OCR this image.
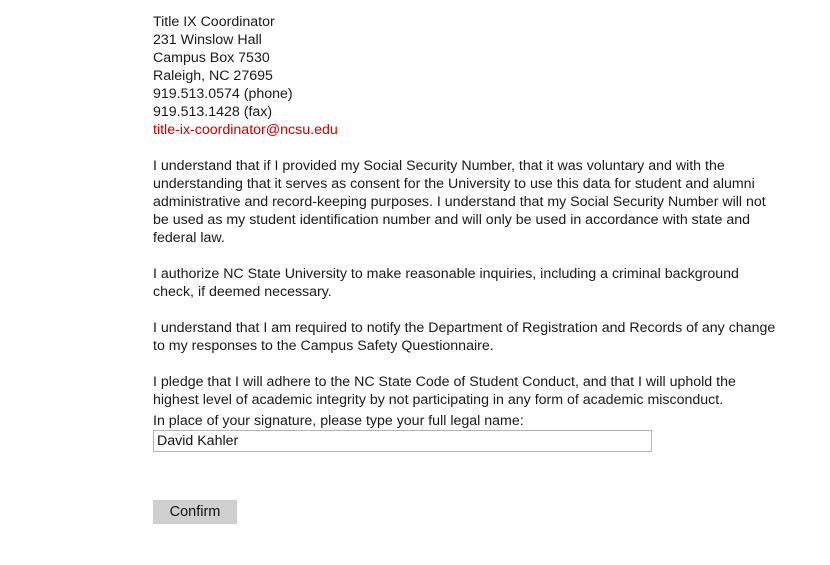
Title IX Coordinator
231 Winslow Hall
Campus Box 7530
Raleigh, NC 27695
919.513.0574 (phone)
919.513.1428 (fax)
title-ix-coordinator@ncsu.edu

I understand that if I provided my Social Security Number, that it was voluntary and with the understanding that it serves as consent for the University to use this data for student and alumni administrative and record-keeping purposes. I understand that my Social Security Number will not be used as my student identification number and will only be used in accordance with state and federal law.

I authorize NC State University to make reasonable inquiries, including a criminal background check, if deemed necessary.

I understand that I am required to notify the Department of Registration and Records of any change to my responses to the Campus Safety Questionnaire.

I pledge that I will adhere to the NC State Code of Student Conduct, and that I will uphold the highest level of academic integrity by not participating in any form of academic misconduct.

In place of your signature, please type your full legal name:
David Kahler
Confirm
